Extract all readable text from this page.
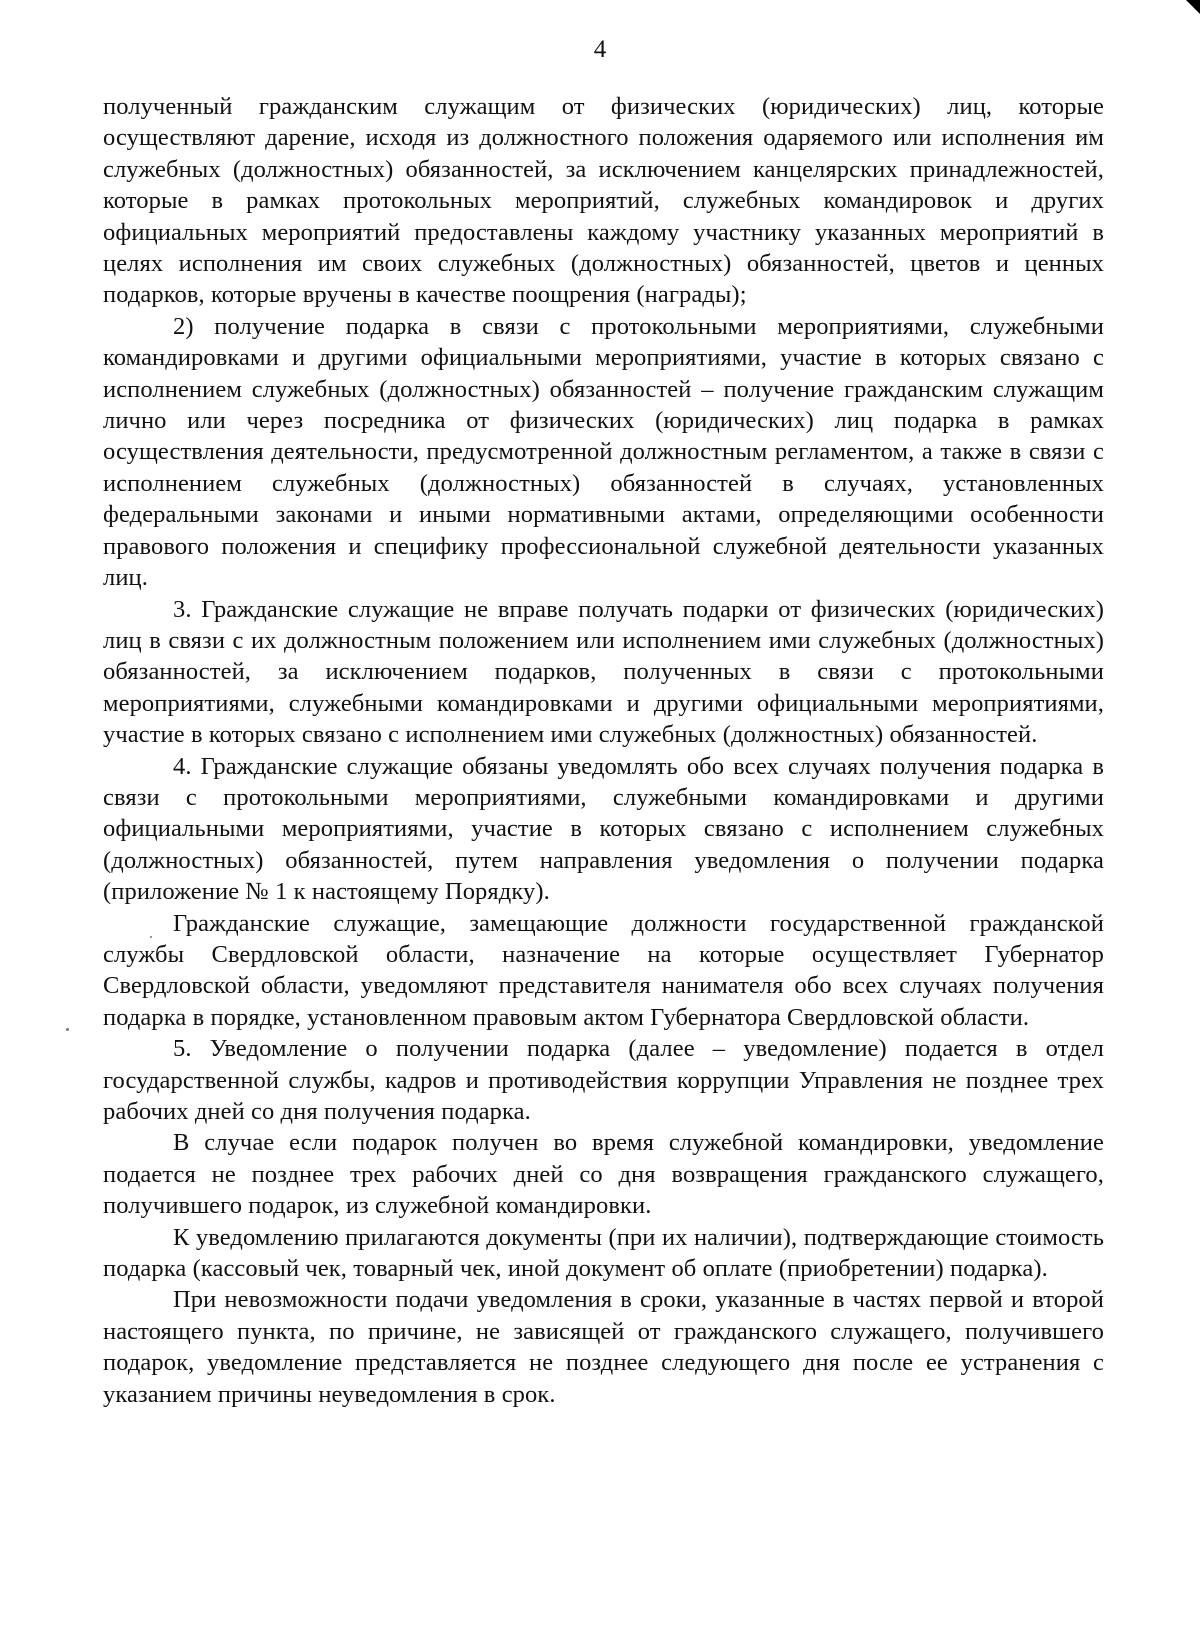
4

полученный гражданским служащим от физических (юридических) лиц, которые осуществляют дарение, исходя из должностного положения одаряемого или исполнения им служебных (должностных) обязанностей, за исключением канцелярских принадлежностей, которые в рамках протокольных мероприятий, служебных командировок и других официальных мероприятий предоставлены каждому участнику указанных мероприятий в целях исполнения им своих служебных (должностных) обязанностей, цветов и ценных подарков, которые вручены в качестве поощрения (награды);

2) получение подарка в связи с протокольными мероприятиями, служебными командировками и другими официальными мероприятиями, участие в которых связано с исполнением служебных (должностных) обязанностей – получение гражданским служащим лично или через посредника от физических (юридических) лиц подарка в рамках осуществления деятельности, предусмотренной должностным регламентом, а также в связи с исполнением служебных (должностных) обязанностей в случаях, установленных федеральными законами и иными нормативными актами, определяющими особенности правового положения и специфику профессиональной служебной деятельности указанных лиц.

3. Гражданские служащие не вправе получать подарки от физических (юридических) лиц в связи с их должностным положением или исполнением ими служебных (должностных) обязанностей, за исключением подарков, полученных в связи с протокольными мероприятиями, служебными командировками и другими официальными мероприятиями, участие в которых связано с исполнением ими служебных (должностных) обязанностей.

4. Гражданские служащие обязаны уведомлять обо всех случаях получения подарка в связи с протокольными мероприятиями, служебными командировками и другими официальными мероприятиями, участие в которых связано с исполнением служебных (должностных) обязанностей, путем направления уведомления о получении подарка (приложение № 1 к настоящему Порядку).

Гражданские служащие, замещающие должности государственной гражданской службы Свердловской области, назначение на которые осуществляет Губернатор Свердловской области, уведомляют представителя нанимателя обо всех случаях получения подарка в порядке, установленном правовым актом Губернатора Свердловской области.

5. Уведомление о получении подарка (далее – уведомление) подается в отдел государственной службы, кадров и противодействия коррупции Управления не позднее трех рабочих дней со дня получения подарка.

В случае если подарок получен во время служебной командировки, уведомление подается не позднее трех рабочих дней со дня возвращения гражданского служащего, получившего подарок, из служебной командировки.

К уведомлению прилагаются документы (при их наличии), подтверждающие стоимость подарка (кассовый чек, товарный чек, иной документ об оплате (приобретении) подарка).

При невозможности подачи уведомления в сроки, указанные в частях первой и второй настоящего пункта, по причине, не зависящей от гражданского служащего, получившего подарок, уведомление представляется не позднее следующего дня после ее устранения с указанием причины неуведомления в срок.
